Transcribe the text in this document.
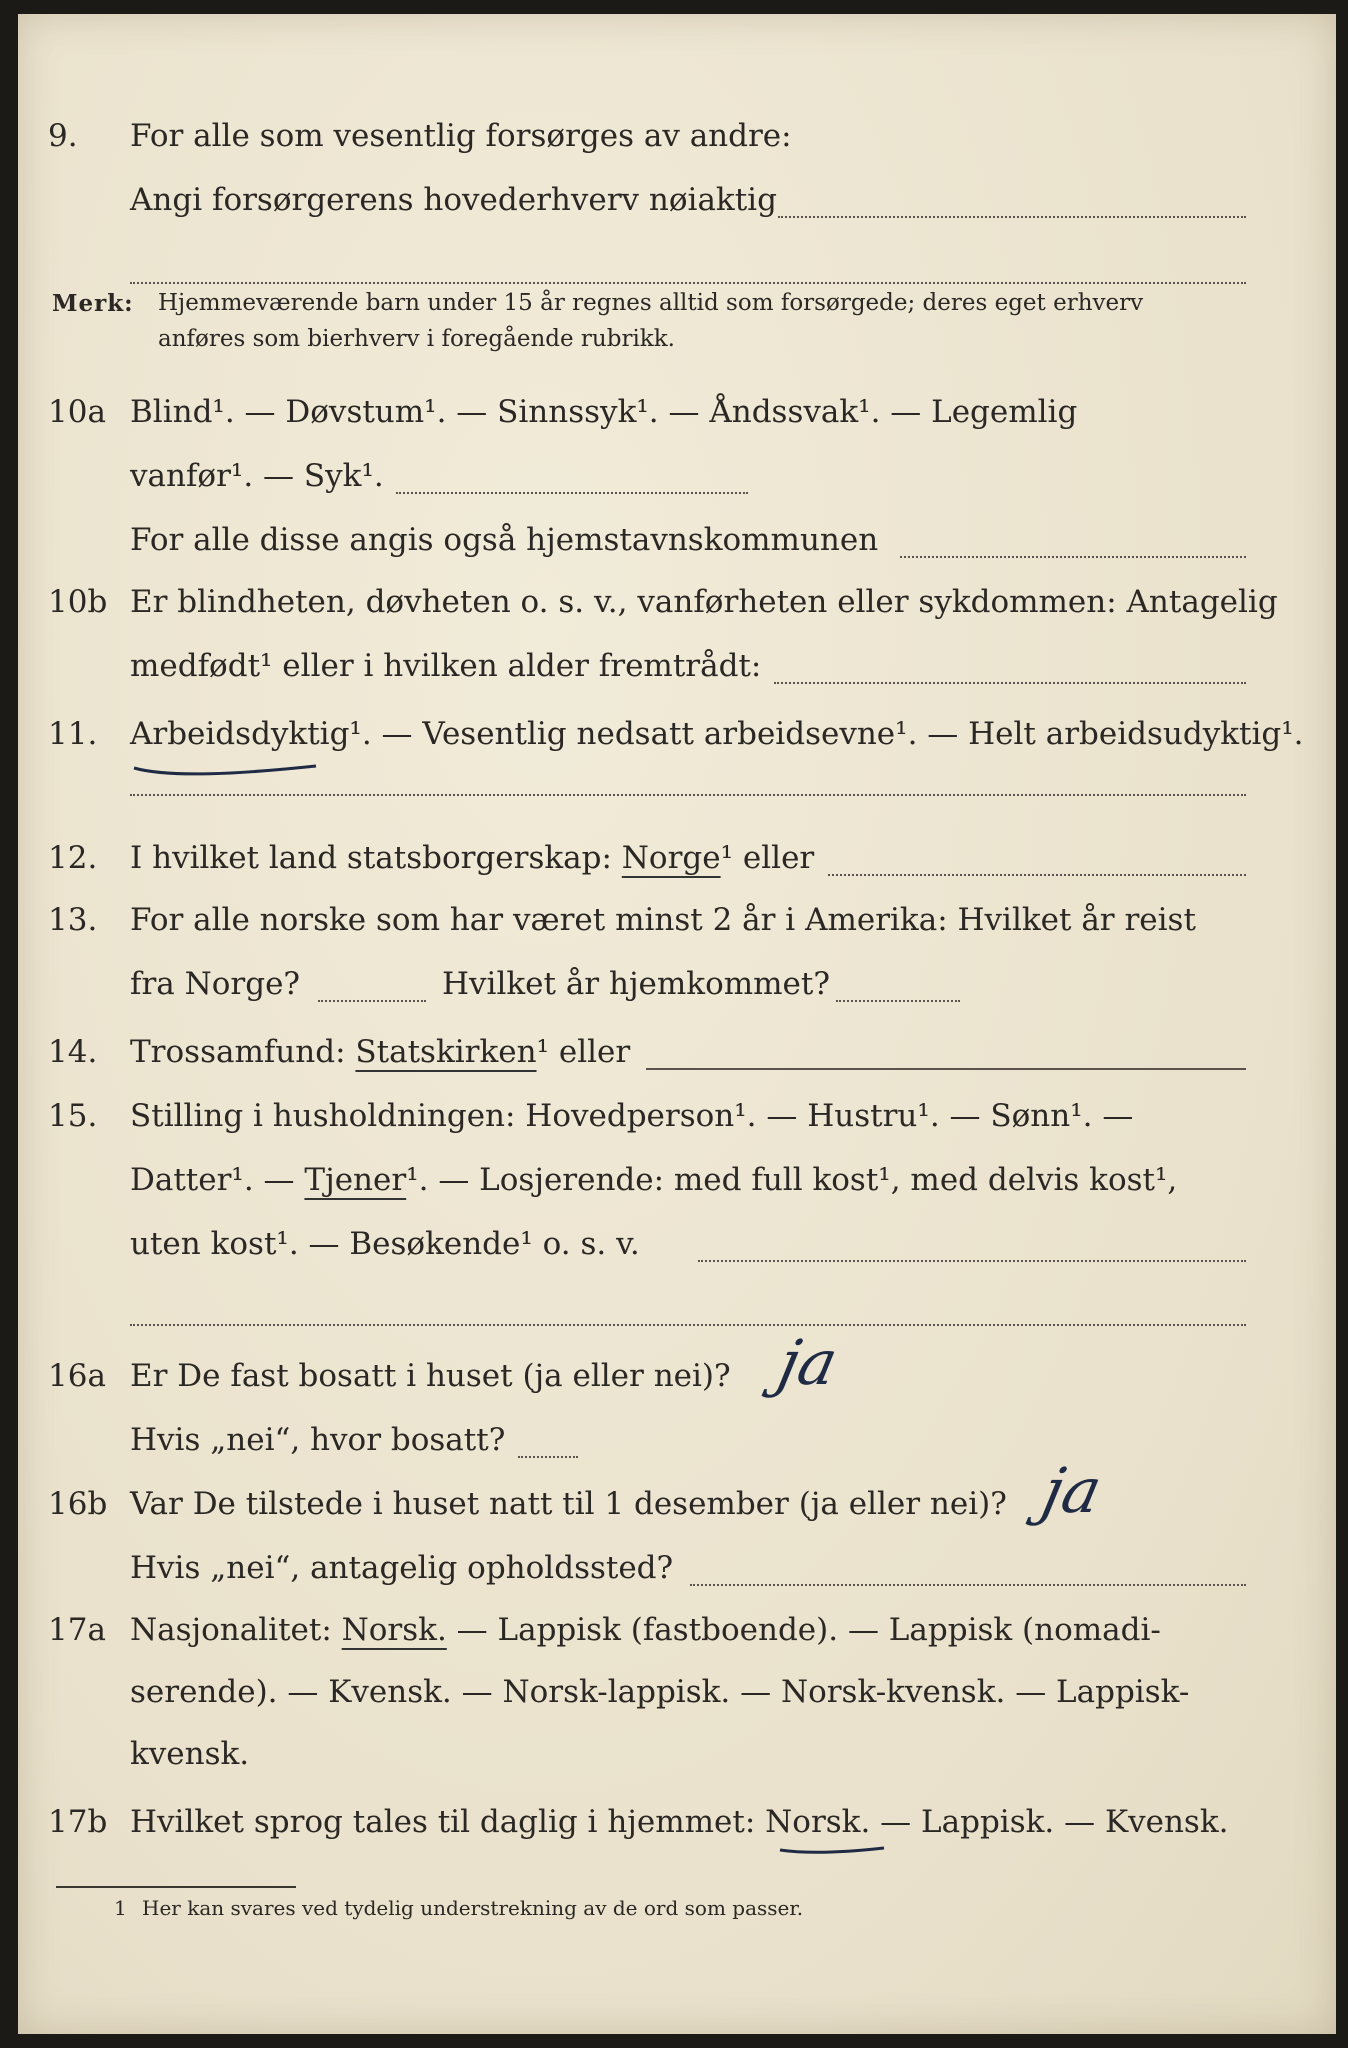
9. For alle som vesentlig forsørges av andre:
Angi forsørgerens hovederhverv nøiaktig
Merk: Hjemmeværende barn under 15 år regnes alltid som forsørgede; deres eget erhverv
anføres som bierhverv i foregående rubrikk.
10a Blind¹. — Døvstum¹. — Sinnssyk¹. — Åndssvak¹. — Legemlig
vanfør¹. — Syk¹.
For alle disse angis også hjemstavnskommunen
10b Er blindheten, døvheten o. s. v., vanførheten eller sykdommen: Antagelig
medfødt¹ eller i hvilken alder fremtrådt:
11. Arbeidsdyktig¹. — Vesentlig nedsatt arbeidsevne¹. — Helt arbeidsudyktig¹.
12. I hvilket land statsborgerskap: Norge¹ eller
13. For alle norske som har været minst 2 år i Amerika: Hvilket år reist
fra Norge?	Hvilket år hjemkommet?
14. Trossamfund: Statskirken¹ eller
15. Stilling i husholdningen: Hovedperson¹. — Hustru¹. — Sønn¹. —
Datter¹. — Tjener¹. — Losjerende: med full kost¹, med delvis kost¹,
uten kost¹. — Besøkende¹ o. s. v.
16a Er De fast bosatt i huset (ja eller nei)? ja
Hvis „nei“, hvor bosatt?
16b Var De tilstede i huset natt til 1 desember (ja eller nei)? ja
Hvis „nei“, antagelig opholdssted?
17a Nasjonalitet: Norsk. — Lappisk (fastboende). — Lappisk (nomadi-
serende). — Kvensk. — Norsk-lappisk. — Norsk-kvensk. — Lappisk-
kvensk.
17b Hvilket sprog tales til daglig i hjemmet: Norsk. — Lappisk. — Kvensk.
1 Her kan svares ved tydelig understrekning av de ord som passer.
